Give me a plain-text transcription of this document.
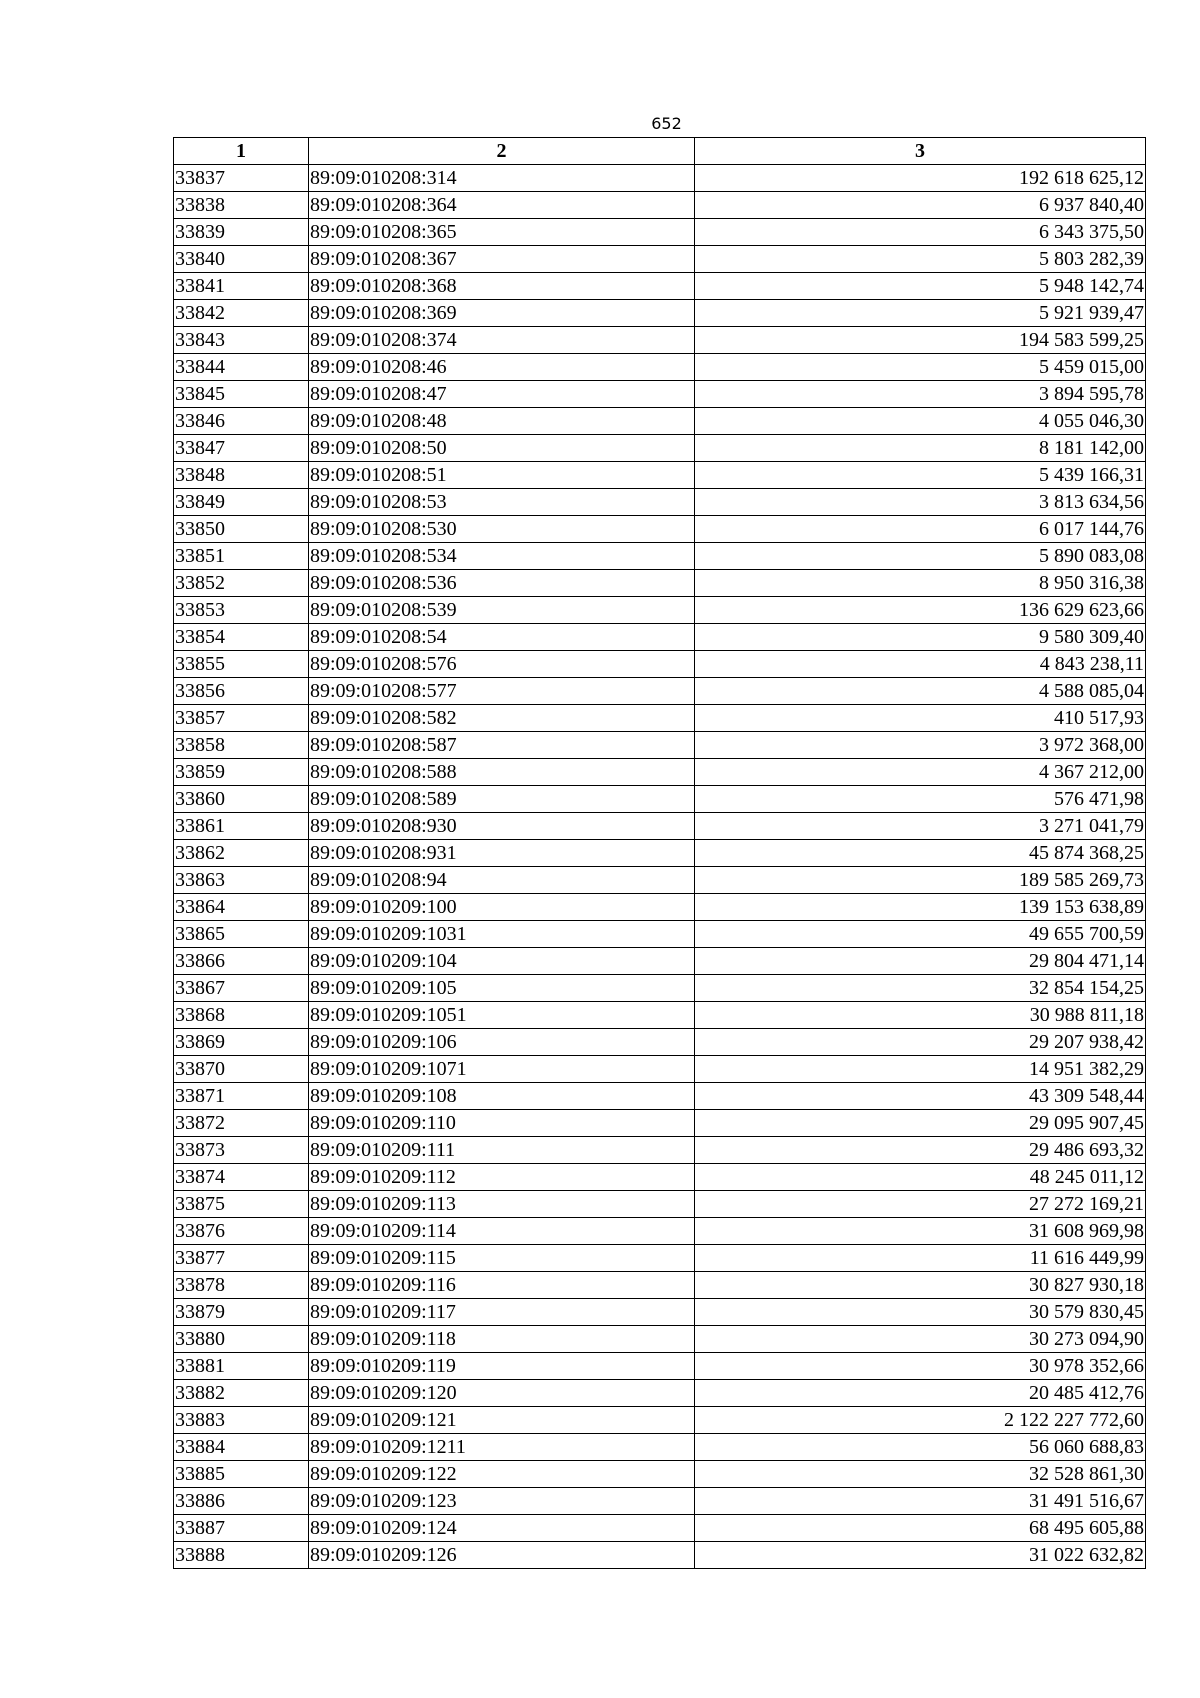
652
1	2	3
33837	89:09:010208:314	192 618 625,12
33838	89:09:010208:364	6 937 840,40
33839	89:09:010208:365	6 343 375,50
33840	89:09:010208:367	5 803 282,39
33841	89:09:010208:368	5 948 142,74
33842	89:09:010208:369	5 921 939,47
33843	89:09:010208:374	194 583 599,25
33844	89:09:010208:46	5 459 015,00
33845	89:09:010208:47	3 894 595,78
33846	89:09:010208:48	4 055 046,30
33847	89:09:010208:50	8 181 142,00
33848	89:09:010208:51	5 439 166,31
33849	89:09:010208:53	3 813 634,56
33850	89:09:010208:530	6 017 144,76
33851	89:09:010208:534	5 890 083,08
33852	89:09:010208:536	8 950 316,38
33853	89:09:010208:539	136 629 623,66
33854	89:09:010208:54	9 580 309,40
33855	89:09:010208:576	4 843 238,11
33856	89:09:010208:577	4 588 085,04
33857	89:09:010208:582	410 517,93
33858	89:09:010208:587	3 972 368,00
33859	89:09:010208:588	4 367 212,00
33860	89:09:010208:589	576 471,98
33861	89:09:010208:930	3 271 041,79
33862	89:09:010208:931	45 874 368,25
33863	89:09:010208:94	189 585 269,73
33864	89:09:010209:100	139 153 638,89
33865	89:09:010209:1031	49 655 700,59
33866	89:09:010209:104	29 804 471,14
33867	89:09:010209:105	32 854 154,25
33868	89:09:010209:1051	30 988 811,18
33869	89:09:010209:106	29 207 938,42
33870	89:09:010209:1071	14 951 382,29
33871	89:09:010209:108	43 309 548,44
33872	89:09:010209:110	29 095 907,45
33873	89:09:010209:111	29 486 693,32
33874	89:09:010209:112	48 245 011,12
33875	89:09:010209:113	27 272 169,21
33876	89:09:010209:114	31 608 969,98
33877	89:09:010209:115	11 616 449,99
33878	89:09:010209:116	30 827 930,18
33879	89:09:010209:117	30 579 830,45
33880	89:09:010209:118	30 273 094,90
33881	89:09:010209:119	30 978 352,66
33882	89:09:010209:120	20 485 412,76
33883	89:09:010209:121	2 122 227 772,60
33884	89:09:010209:1211	56 060 688,83
33885	89:09:010209:122	32 528 861,30
33886	89:09:010209:123	31 491 516,67
33887	89:09:010209:124	68 495 605,88
33888	89:09:010209:126	31 022 632,82
